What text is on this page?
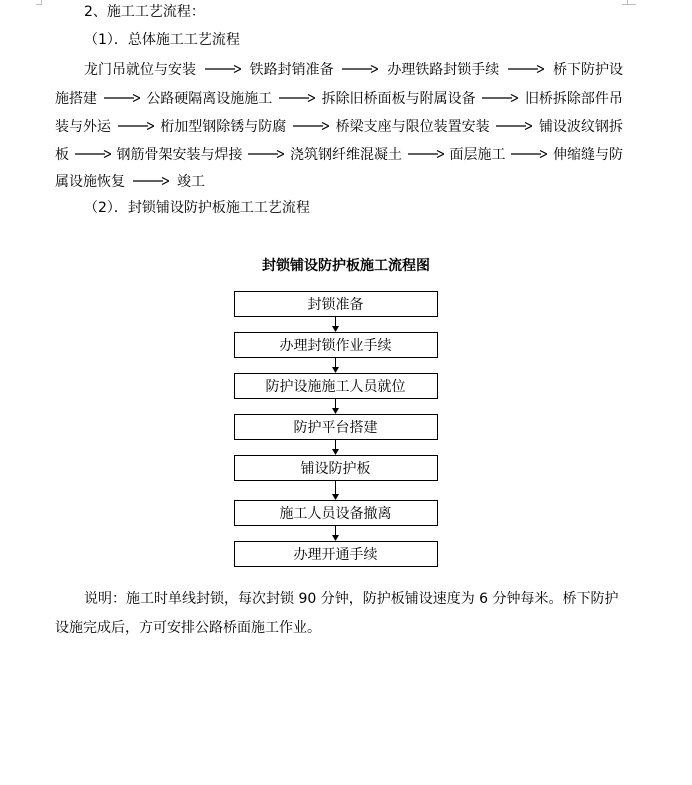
2、施工工艺流程：
（1）．总体施工工艺流程
龙门吊就位与安装	铁路封销准备	办理铁路封锁手续	桥下防护设
施搭建	公路硬隔离设施施工	拆除旧桥面板与附属设备	旧桥拆除部件吊
装与外运	桁加型钢除锈与防腐	桥梁支座与限位装置安装	铺设波纹钢拆
板	钢筋骨架安装与焊接	浇筑钢纤维混凝土	面层施工	伸缩缝与防
属设施恢复	竣工
（2）．封锁铺设防护板施工工艺流程
封锁铺设防护板施工流程图
封锁准备
办理封锁作业手续
防护设施施工人员就位
防护平台搭建
铺设防护板
施工人员设备撤离
办理开通手续
说明：施工时单线封锁，每次封锁 90 分钟，防护板铺设速度为 6 分钟每米。桥下防护
设施完成后，方可安排公路桥面施工作业。
